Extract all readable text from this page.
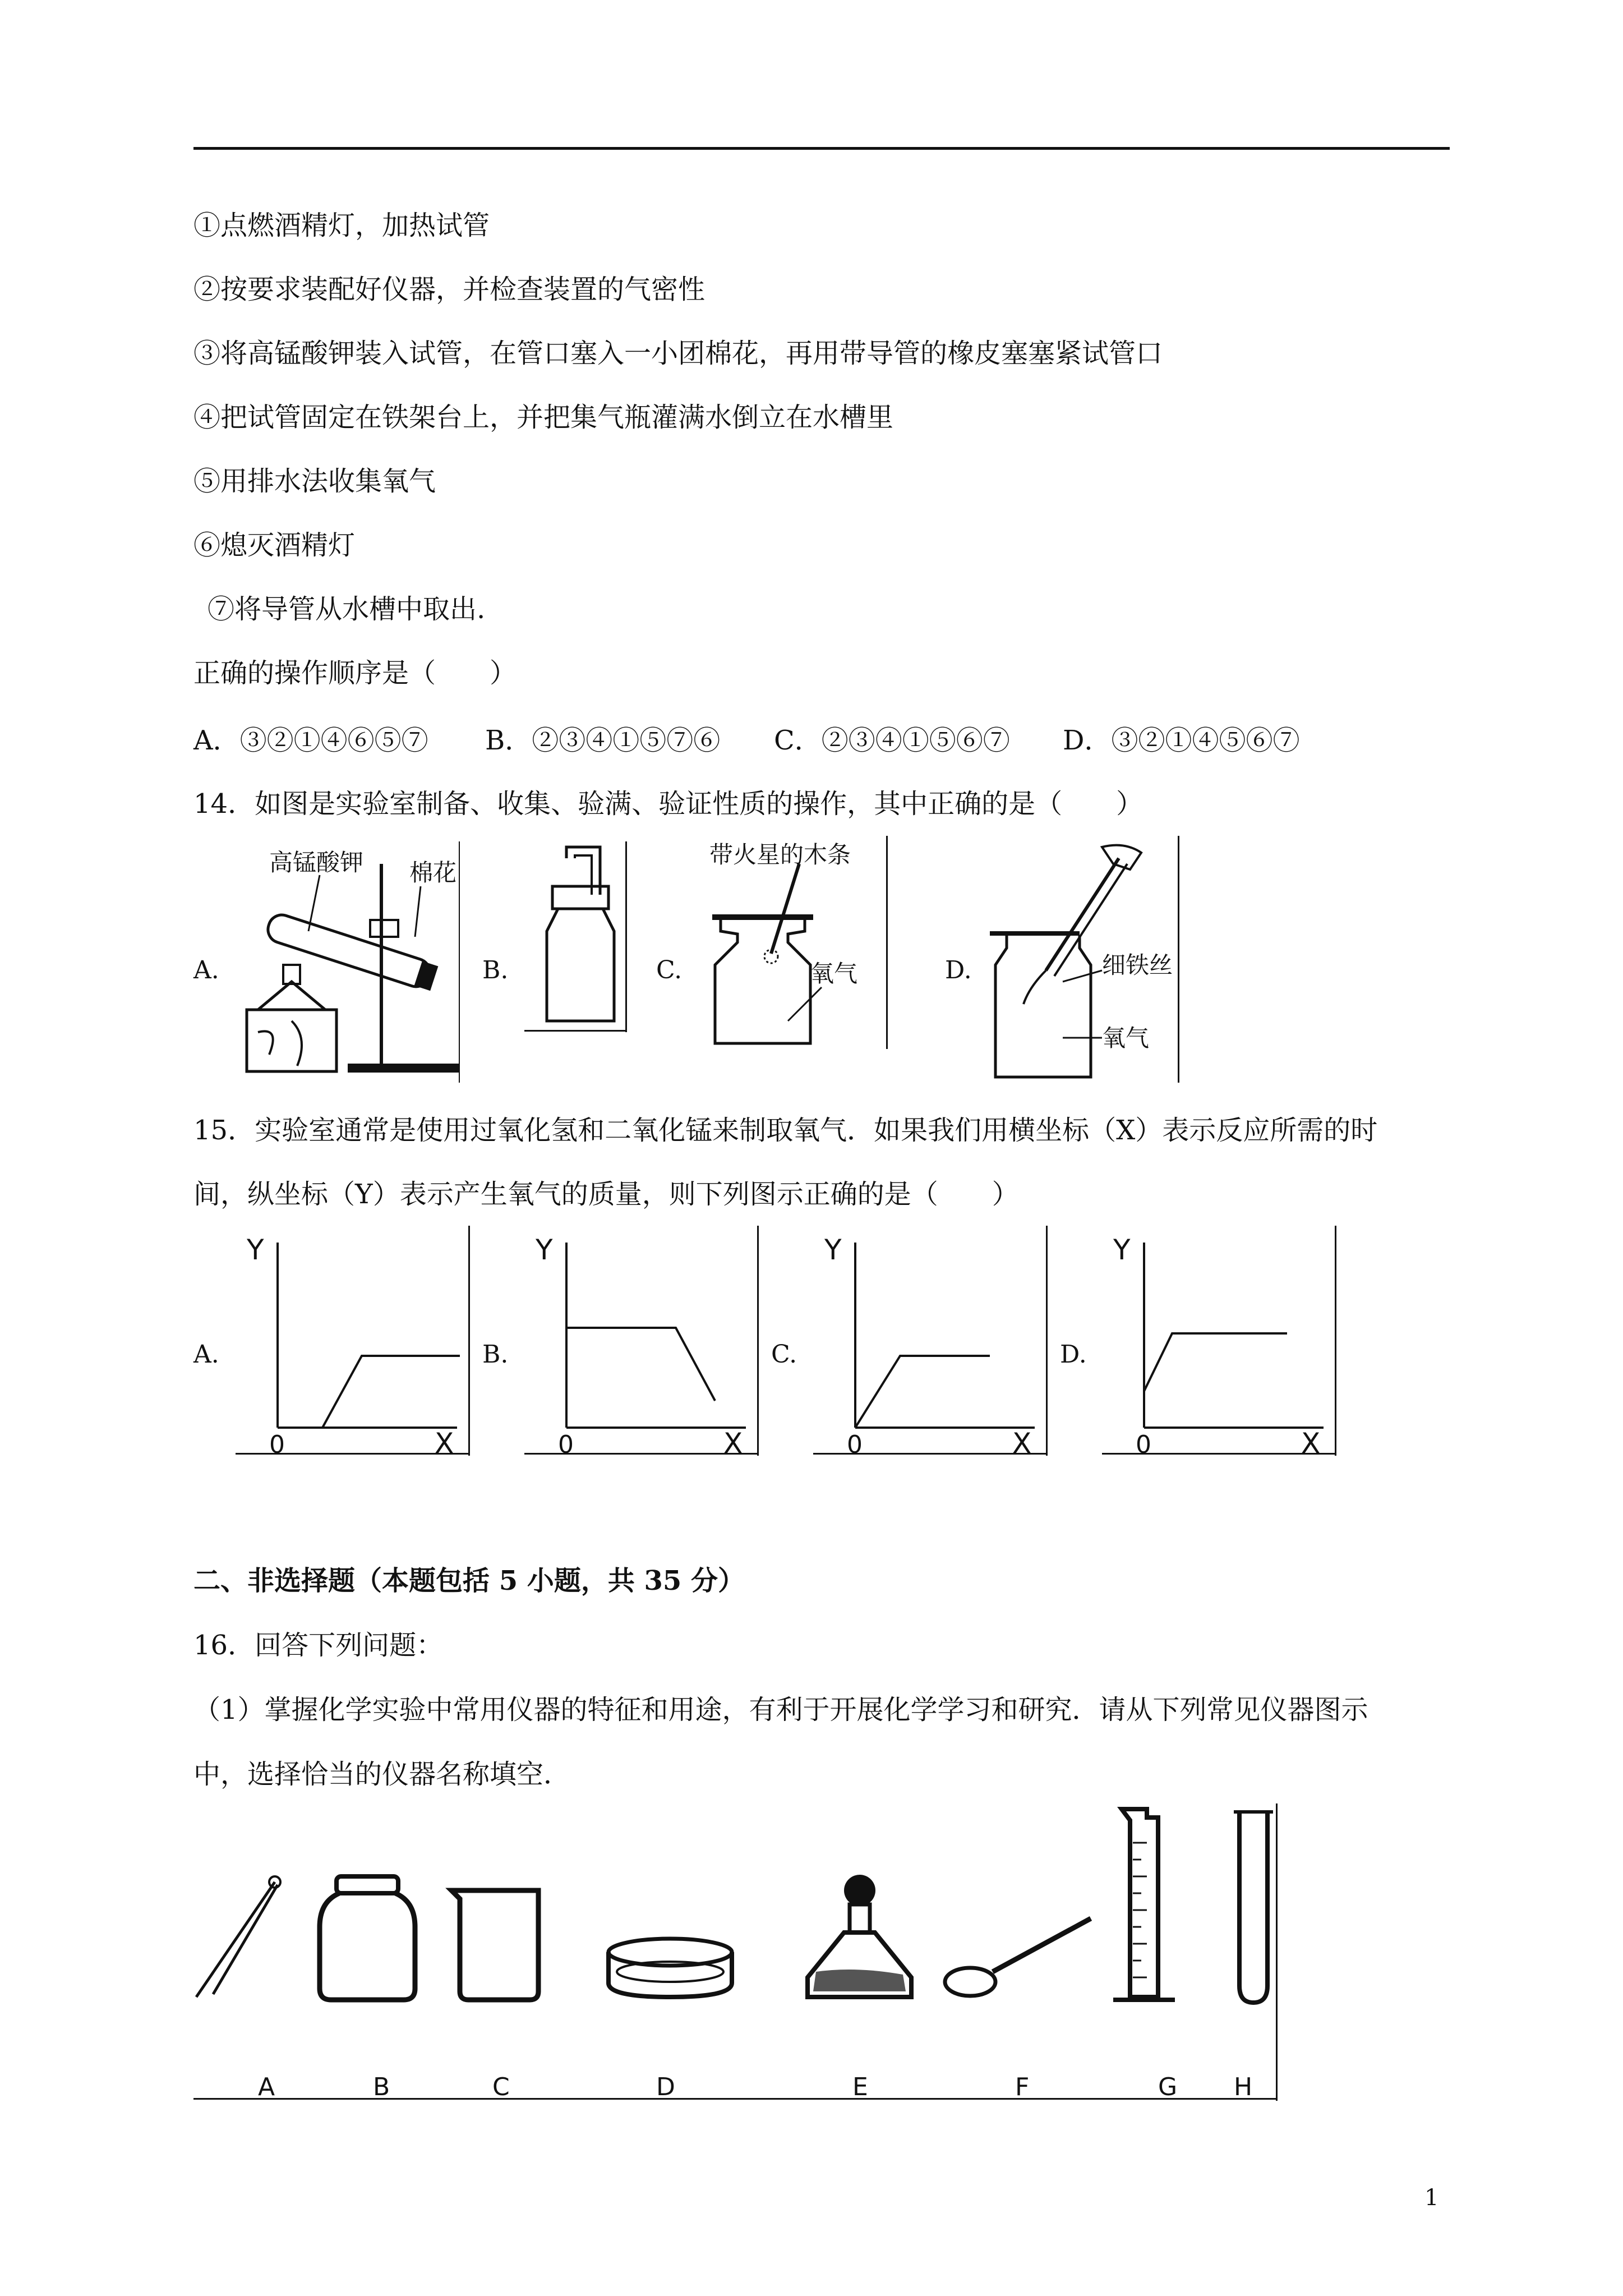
①点燃酒精灯，加热试管
②按要求装配好仪器，并检查装置的气密性
③将高锰酸钾装入试管，在管口塞入一小团棉花，再用带导管的橡皮塞塞紧试管口
④把试管固定在铁架台上，并把集气瓶灌满水倒立在水槽里
⑤用排水法收集氧气
⑥熄灭酒精灯
⑦将导管从水槽中取出.
正确的操作顺序是（　　）
A．③②①④⑥⑤⑦ B．②③④①⑤⑦⑥ C．②③④①⑤⑥⑦ D．③②①④⑤⑥⑦
14．如图是实验室制备、收集、验满、验证性质的操作，其中正确的是（　　）
A.	B.	C.	D.
高锰酸钾 棉花
带火星的木条
氧气	细铁丝
氧气
15．实验室通常是使用过氧化氢和二氧化锰来制取氧气．如果我们用横坐标（X）表示反应所需的时
间，纵坐标（Y）表示产生氧气的质量，则下列图示正确的是（　　）
A.	B.	C.	D.
Y
X
0
Y
X
0
Y
X
0
Y
X
0
二、非选择题（本题包括 5 小题，共 35 分）
16．回答下列问题：
（1）掌握化学实验中常用仪器的特征和用途，有利于开展化学学习和研究．请从下列常见仪器图示
中，选择恰当的仪器名称填空．
A	B	C	D	E	F	G H
1
